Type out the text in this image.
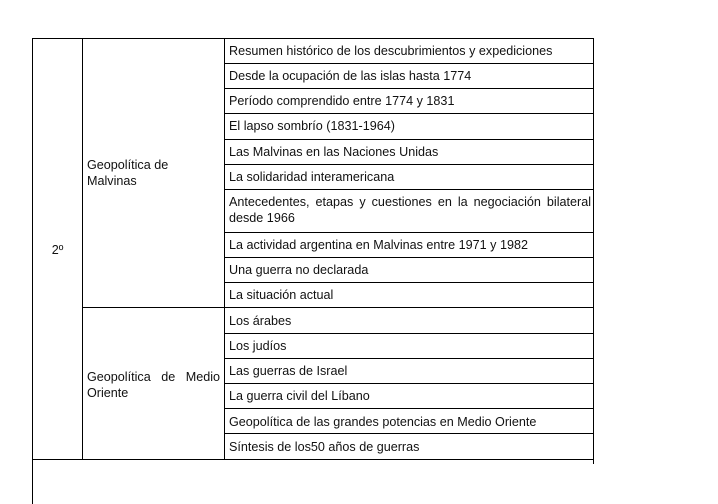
2º
Geopolítica de Malvinas
Geopolítica de Medio Oriente
Resumen histórico de los descubrimientos y expediciones
Desde la ocupación de las islas hasta 1774
Período comprendido entre 1774 y 1831
El lapso sombrío (1831-1964)
Las Malvinas en las Naciones Unidas
La solidaridad interamericana
Antecedentes, etapas y cuestiones en la negociación bilateral desde 1966
La actividad argentina en Malvinas entre 1971 y 1982
Una guerra no declarada
La situación actual
Los árabes
Los judíos
Las guerras de Israel
La guerra civil del Líbano
Geopolítica de las grandes potencias en Medio Oriente
Síntesis de los50 años de guerras
